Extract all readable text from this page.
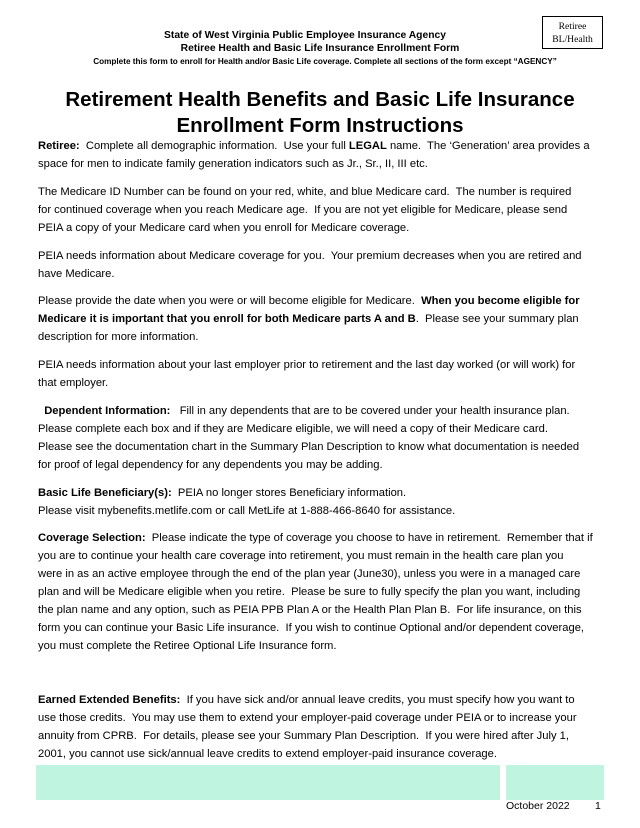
State of West Virginia Public Employee Insurance Agency
Retiree Health and Basic Life Insurance Enrollment Form
Complete this form to enroll for Health and/or Basic Life coverage. Complete all sections of the form except “AGENCY”
Retiree
BL/Health
Retirement Health Benefits and Basic Life Insurance
Enrollment Form Instructions
Retiree:  Complete all demographic information.  Use your full LEGAL name.  The ‘Generation’ area provides a
space for men to indicate family generation indicators such as Jr., Sr., II, III etc.
The Medicare ID Number can be found on your red, white, and blue Medicare card.  The number is required
for continued coverage when you reach Medicare age.  If you are not yet eligible for Medicare, please send
PEIA a copy of your Medicare card when you enroll for Medicare coverage.
PEIA needs information about Medicare coverage for you.  Your premium decreases when you are retired and
have Medicare.
Please provide the date when you were or will become eligible for Medicare.  When you become eligible for
Medicare it is important that you enroll for both Medicare parts A and B.  Please see your summary plan
description for more information.
PEIA needs information about your last employer prior to retirement and the last day worked (or will work) for
that employer.
Dependent Information:   Fill in any dependents that are to be covered under your health insurance plan.
Please complete each box and if they are Medicare eligible, we will need a copy of their Medicare card.
Please see the documentation chart in the Summary Plan Description to know what documentation is needed
for proof of legal dependency for any dependents you may be adding.
Basic Life Beneficiary(s):  PEIA no longer stores Beneficiary information.
Please visit mybenefits.metlife.com or call MetLife at 1-888-466-8640 for assistance.
Coverage Selection:  Please indicate the type of coverage you choose to have in retirement.  Remember that if
you are to continue your health care coverage into retirement, you must remain in the health care plan you
were in as an active employee through the end of the plan year (June30), unless you were in a managed care
plan and will be Medicare eligible when you retire.  Please be sure to fully specify the plan you want, including
the plan name and any option, such as PEIA PPB Plan A or the Health Plan Plan B.  For life insurance, on this
form you can continue your Basic Life insurance.  If you wish to continue Optional and/or dependent coverage,
you must complete the Retiree Optional Life Insurance form.
Earned Extended Benefits:  If you have sick and/or annual leave credits, you must specify how you want to
use those credits.  You may use them to extend your employer-paid coverage under PEIA or to increase your
annuity from CPRB.  For details, please see your Summary Plan Description.  If you were hired after July 1,
2001, you cannot use sick/annual leave credits to extend employer-paid insurance coverage.
October 2022 1
